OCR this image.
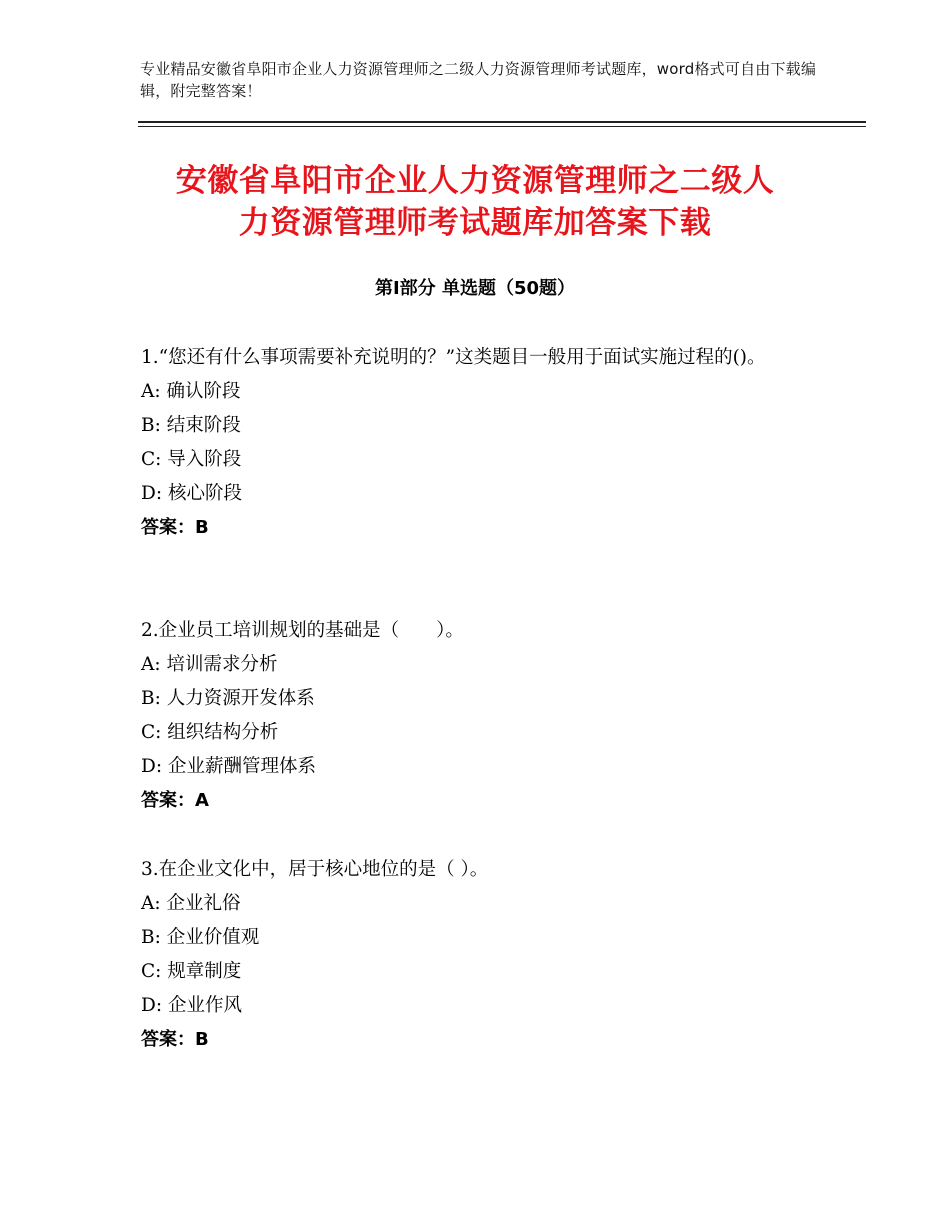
专业精品安徽省阜阳市企业人力资源管理师之二级人力资源管理师考试题库，word格式可自由下载编辑，附完整答案！
安徽省阜阳市企业人力资源管理师之二级人
力资源管理师考试题库加答案下载
第Ⅰ部分 单选题（50题）

1.“您还有什么事项需要补充说明的？”这类题目一般用于面试实施过程的()。

A: 确认阶段

B: 结束阶段

C: 导入阶段

D: 核心阶段

答案：B

2.企业员工培训规划的基础是（　　）。

A: 培训需求分析

B: 人力资源开发体系

C: 组织结构分析

D: 企业薪酬管理体系

答案：A

3.在企业文化中，居于核心地位的是（ ）。

A: 企业礼俗

B: 企业价值观

C: 规章制度

D: 企业作风

答案：B
